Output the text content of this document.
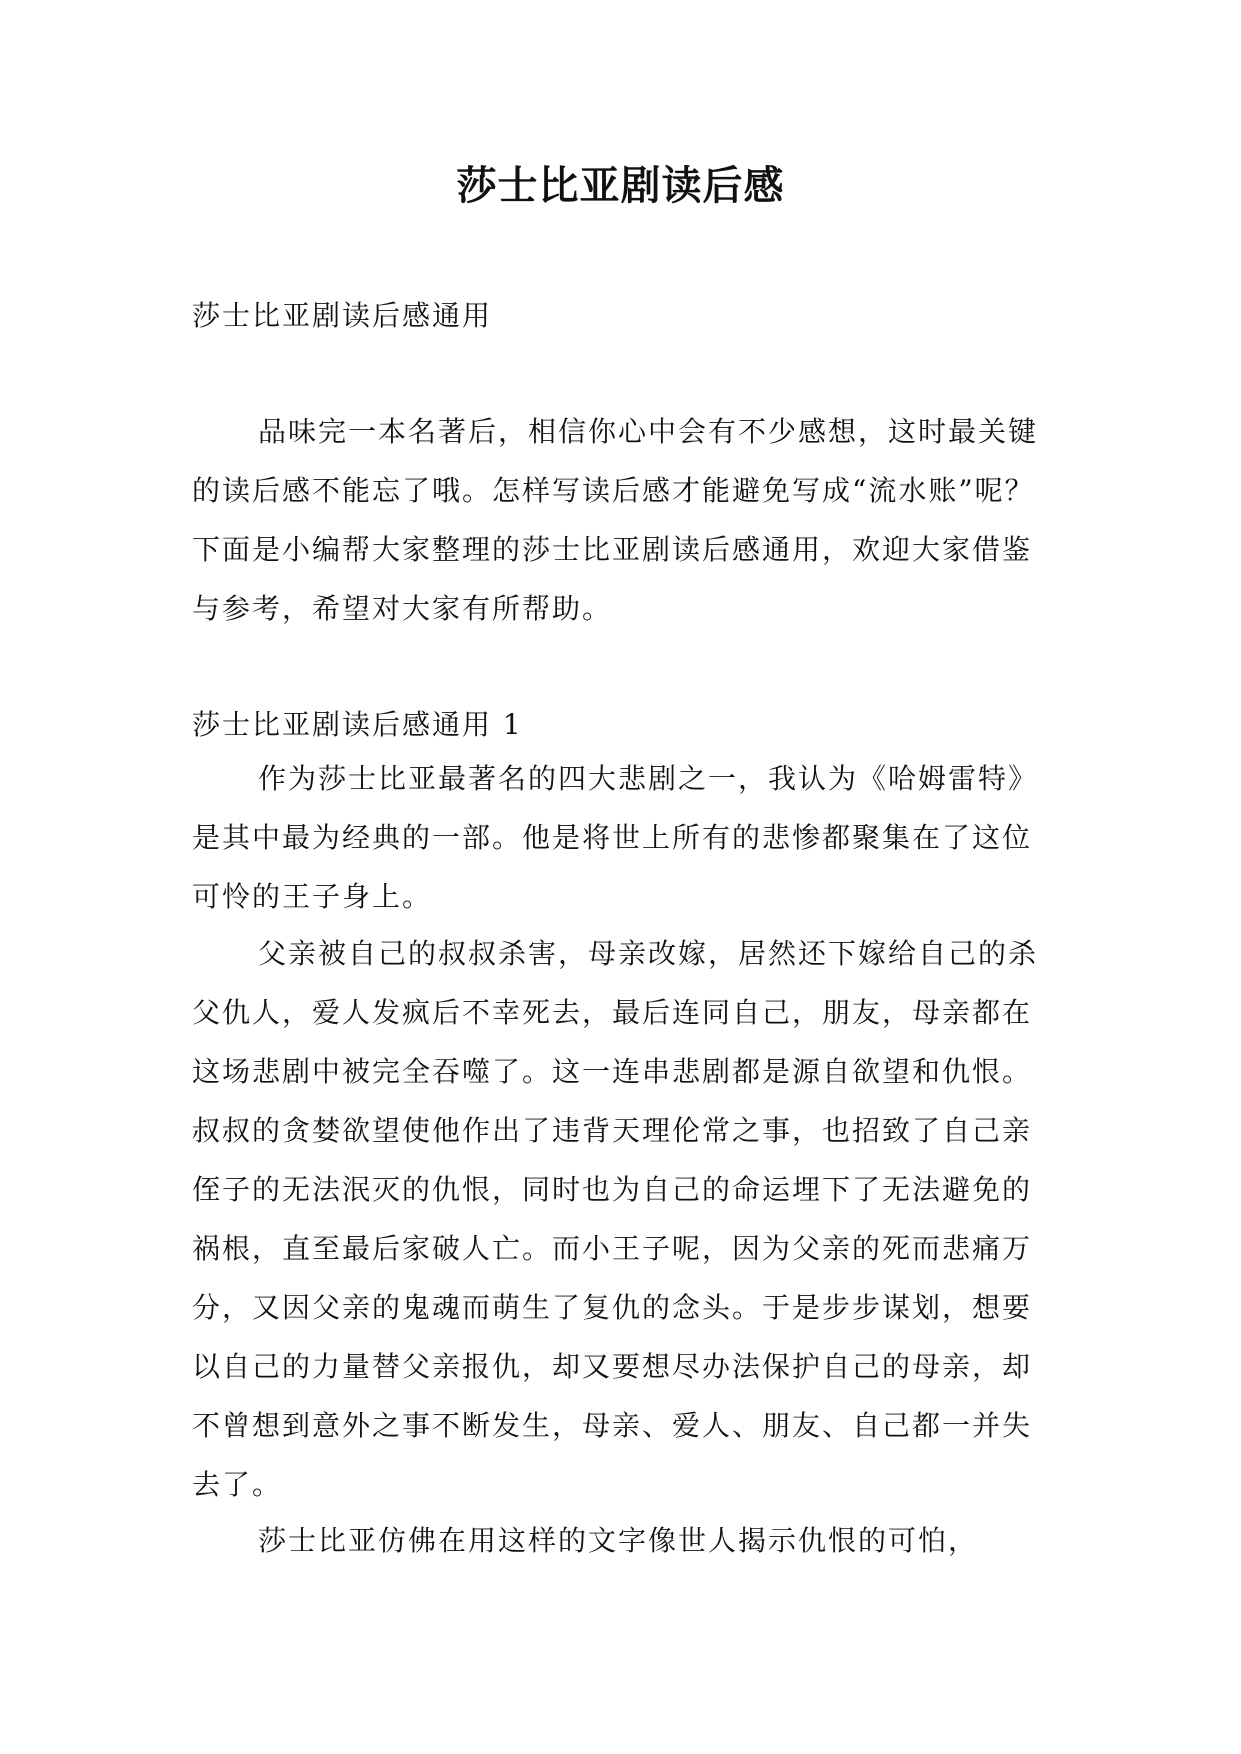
莎士比亚剧读后感
莎士比亚剧读后感通用
品味完一本名著后，相信你心中会有不少感想，这时最关键的读后感不能忘了哦。怎样写读后感才能避免写成“流水账”呢？下面是小编帮大家整理的莎士比亚剧读后感通用，欢迎大家借鉴与参考，希望对大家有所帮助。
莎士比亚剧读后感通用 1
作为莎士比亚最著名的四大悲剧之一，我认为《哈姆雷特》是其中最为经典的一部。他是将世上所有的悲惨都聚集在了这位可怜的王子身上。
父亲被自己的叔叔杀害，母亲改嫁，居然还下嫁给自己的杀父仇人，爱人发疯后不幸死去，最后连同自己，朋友，母亲都在这场悲剧中被完全吞噬了。这一连串悲剧都是源自欲望和仇恨。叔叔的贪婪欲望使他作出了违背天理伦常之事，也招致了自己亲侄子的无法泯灭的仇恨，同时也为自己的命运埋下了无法避免的祸根，直至最后家破人亡。而小王子呢，因为父亲的死而悲痛万分，又因父亲的鬼魂而萌生了复仇的念头。于是步步谋划，想要以自己的力量替父亲报仇，却又要想尽办法保护自己的母亲，却不曾想到意外之事不断发生，母亲、爱人、朋友、自己都一并失去了。
莎士比亚仿佛在用这样的文字像世人揭示仇恨的可怕，
